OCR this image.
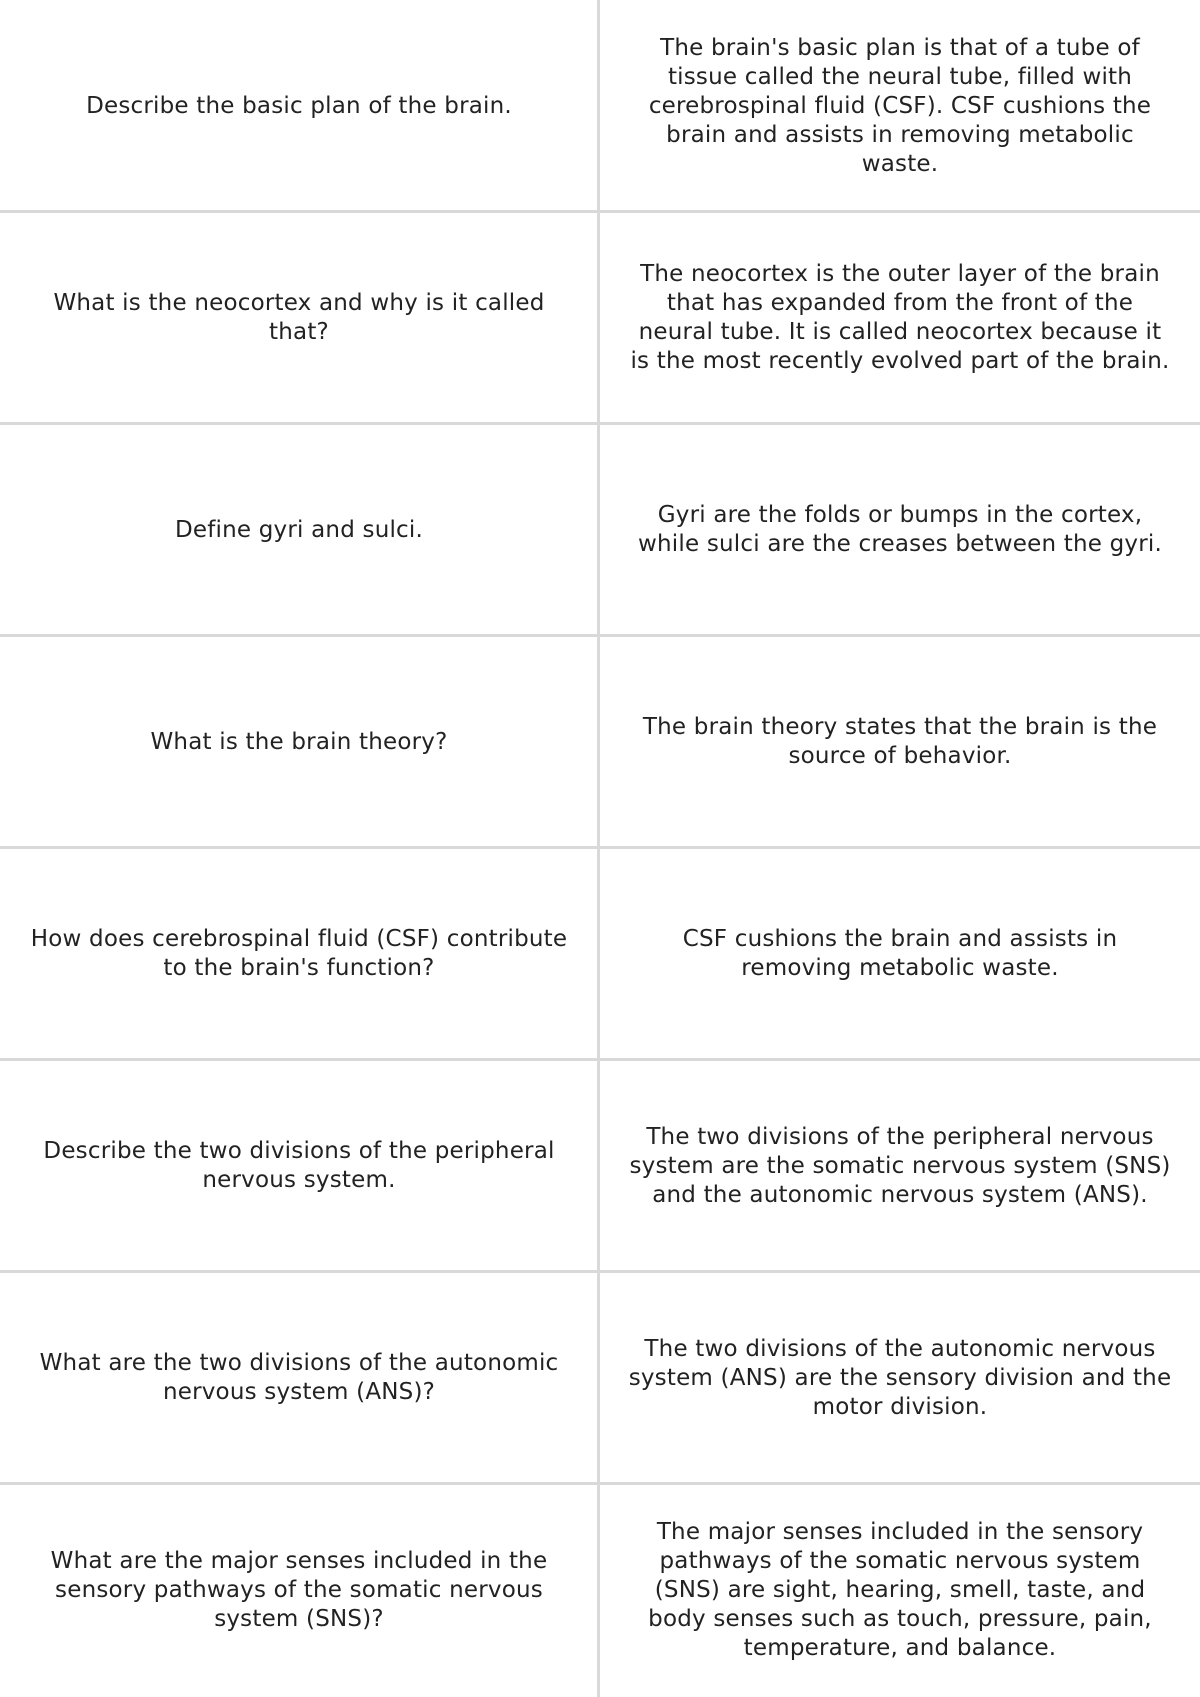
Describe the basic plan of the brain.
The brain's basic plan is that of a tube of tissue called the neural tube, filled with cerebrospinal fluid (CSF). CSF cushions the brain and assists in removing metabolic waste.
What is the neocortex and why is it called that?
The neocortex is the outer layer of the brain that has expanded from the front of the neural tube. It is called neocortex because it is the most recently evolved part of the brain.
Define gyri and sulci.
Gyri are the folds or bumps in the cortex, while sulci are the creases between the gyri.
What is the brain theory?
The brain theory states that the brain is the source of behavior.
How does cerebrospinal fluid (CSF) contribute to the brain's function?
CSF cushions the brain and assists in removing metabolic waste.
Describe the two divisions of the peripheral nervous system.
The two divisions of the peripheral nervous system are the somatic nervous system (SNS) and the autonomic nervous system (ANS).
What are the two divisions of the autonomic nervous system (ANS)?
The two divisions of the autonomic nervous system (ANS) are the sensory division and the motor division.
What are the major senses included in the sensory pathways of the somatic nervous system (SNS)?
The major senses included in the sensory pathways of the somatic nervous system (SNS) are sight, hearing, smell, taste, and body senses such as touch, pressure, pain, temperature, and balance.
